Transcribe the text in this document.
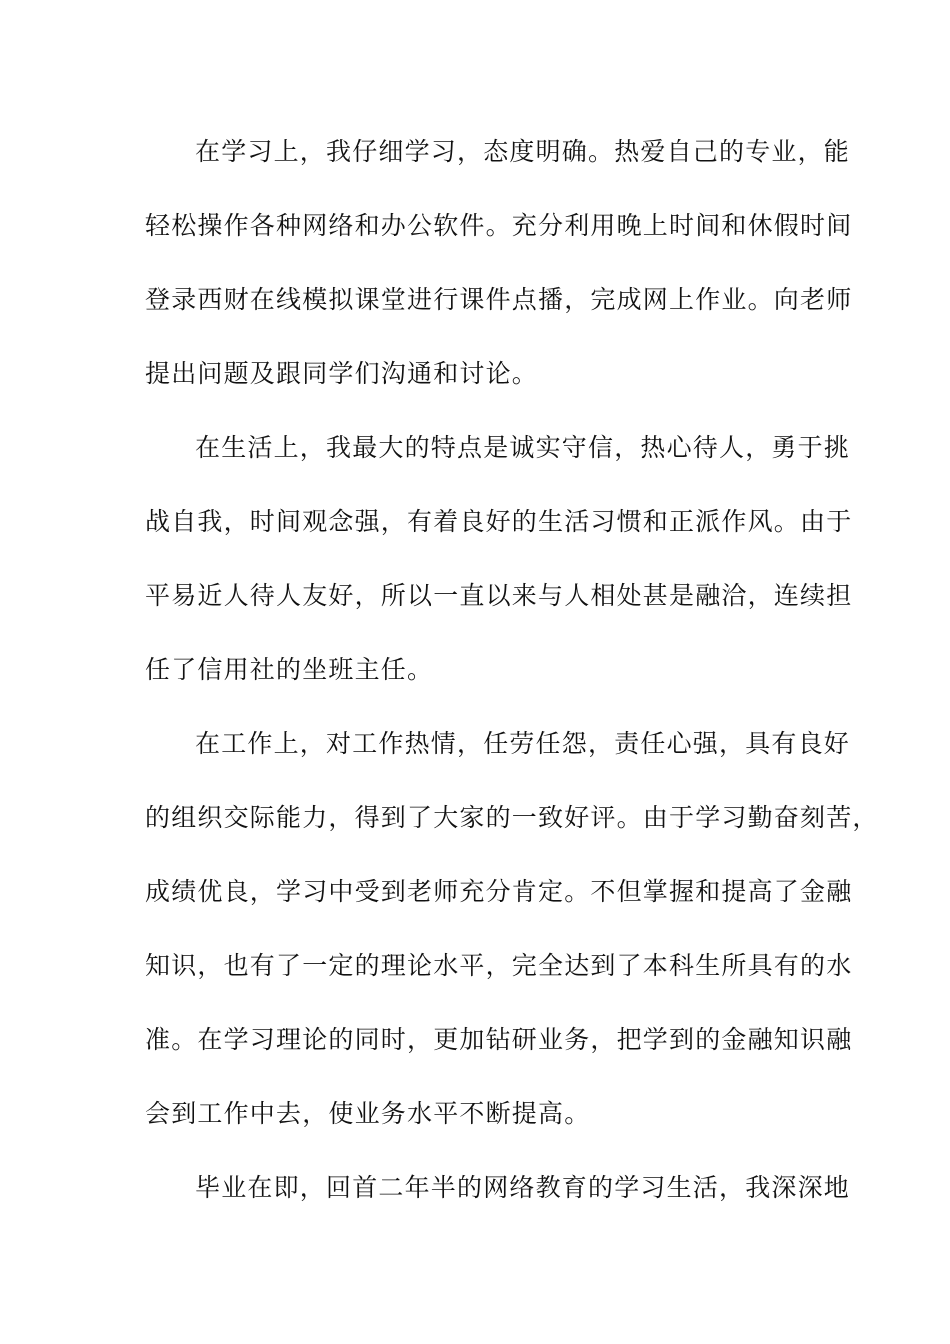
在学习上，我仔细学习，态度明确。热爱自己的专业，能
轻松操作各种网络和办公软件。充分利用晚上时间和休假时间
登录西财在线模拟课堂进行课件点播，完成网上作业。向老师
提出问题及跟同学们沟通和讨论。
在生活上，我最大的特点是诚实守信，热心待人，勇于挑
战自我，时间观念强，有着良好的生活习惯和正派作风。由于
平易近人待人友好，所以一直以来与人相处甚是融洽，连续担
任了信用社的坐班主任。
在工作上，对工作热情，任劳任怨，责任心强，具有良好
的组织交际能力，得到了大家的一致好评。由于学习勤奋刻苦，
成绩优良，学习中受到老师充分肯定。不但掌握和提高了金融
知识，也有了一定的理论水平，完全达到了本科生所具有的水
准。在学习理论的同时，更加钻研业务，把学到的金融知识融
会到工作中去，使业务水平不断提高。
毕业在即，回首二年半的网络教育的学习生活，我深深地
